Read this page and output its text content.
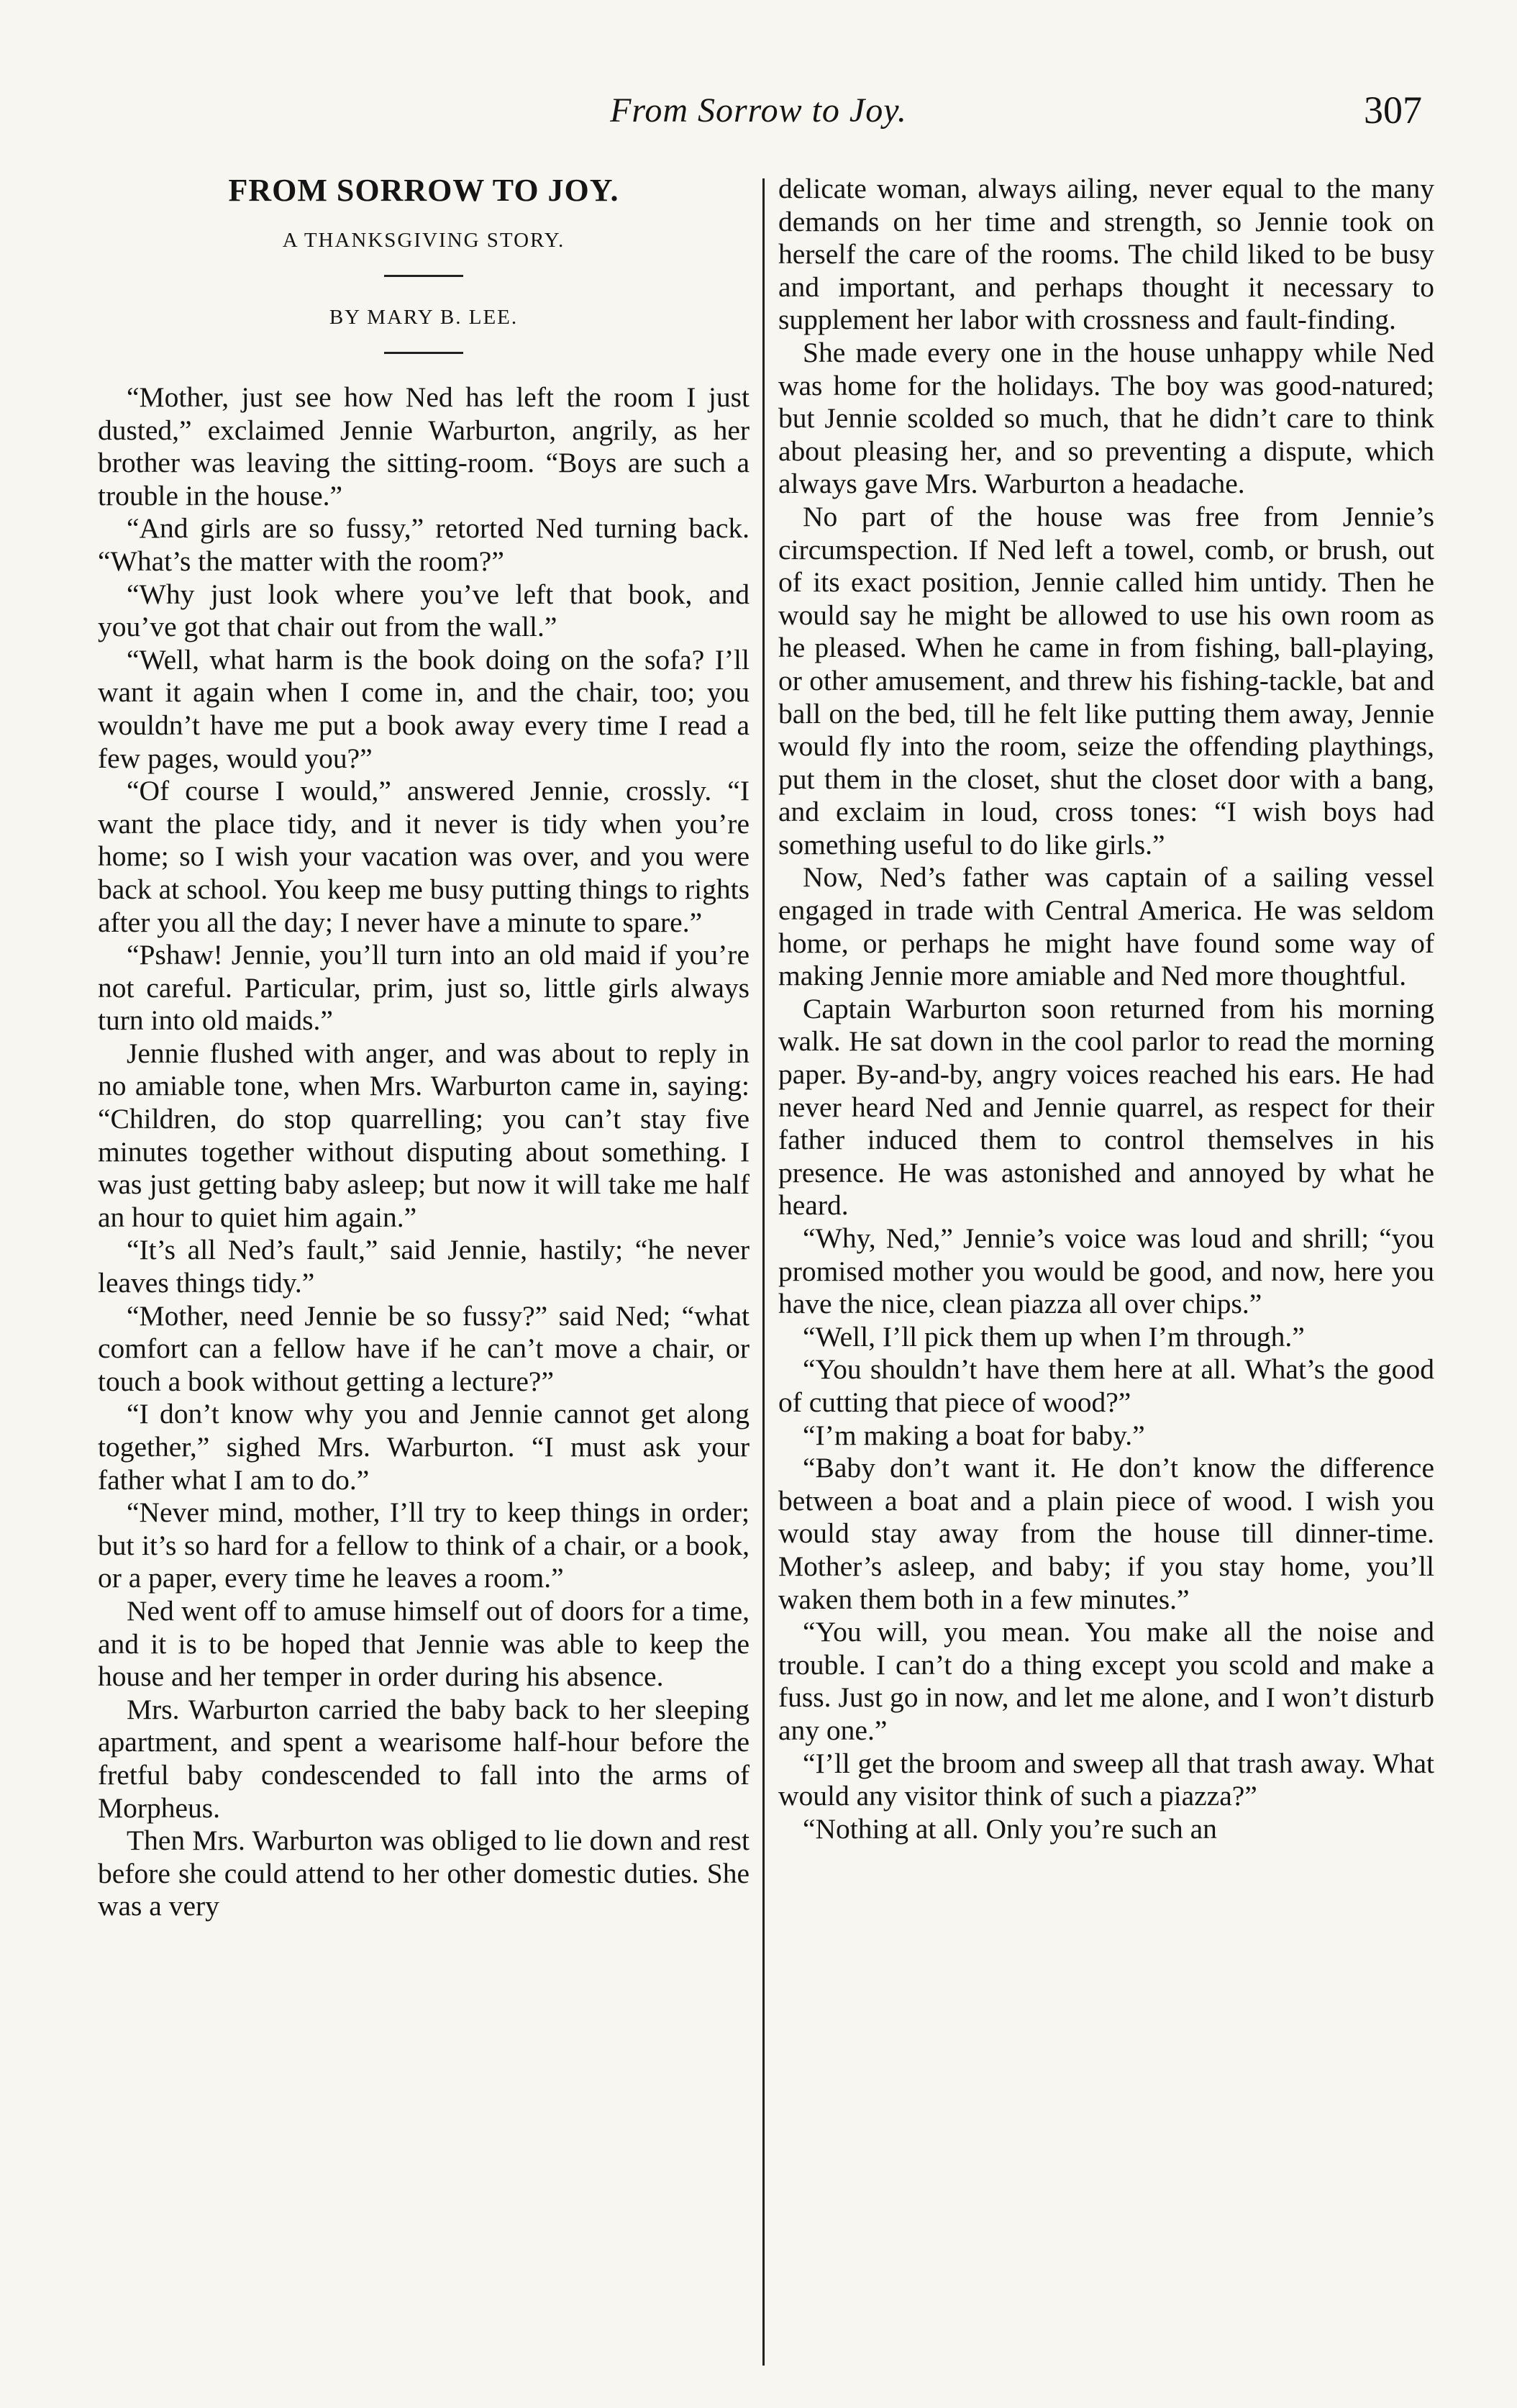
From Sorrow to Joy.	307
FROM SORROW TO JOY.

A THANKSGIVING STORY.

BY MARY B. LEE.

“Mother, just see how Ned has left the room I just dusted,” exclaimed Jennie Warburton, angrily, as her brother was leaving the sitting-room. “Boys are such a trouble in the house.”

“And girls are so fussy,” retorted Ned turning back. “What’s the matter with the room?”

“Why just look where you’ve left that book, and you’ve got that chair out from the wall.”

“Well, what harm is the book doing on the sofa? I’ll want it again when I come in, and the chair, too; you wouldn’t have me put a book away every time I read a few pages, would you?”

“Of course I would,” answered Jennie, crossly. “I want the place tidy, and it never is tidy when you’re home; so I wish your vacation was over, and you were back at school. You keep me busy putting things to rights after you all the day; I never have a minute to spare.”

“Pshaw! Jennie, you’ll turn into an old maid if you’re not careful. Particular, prim, just so, little girls always turn into old maids.”

Jennie flushed with anger, and was about to reply in no amiable tone, when Mrs. Warburton came in, saying: “Children, do stop quarrelling; you can’t stay five minutes together without disputing about something. I was just getting baby asleep; but now it will take me half an hour to quiet him again.”

“It’s all Ned’s fault,” said Jennie, hastily; “he never leaves things tidy.”

“Mother, need Jennie be so fussy?” said Ned; “what comfort can a fellow have if he can’t move a chair, or touch a book without getting a lecture?”

“I don’t know why you and Jennie cannot get along together,” sighed Mrs. Warburton. “I must ask your father what I am to do.”

“Never mind, mother, I’ll try to keep things in order; but it’s so hard for a fellow to think of a chair, or a book, or a paper, every time he leaves a room.”

Ned went off to amuse himself out of doors for a time, and it is to be hoped that Jennie was able to keep the house and her temper in order during his absence.

Mrs. Warburton carried the baby back to her sleeping apartment, and spent a wearisome half-hour before the fretful baby condescended to fall into the arms of Morpheus.

Then Mrs. Warburton was obliged to lie down and rest before she could attend to her other domestic duties. She was a very

delicate woman, always ailing, never equal to the many demands on her time and strength, so Jennie took on herself the care of the rooms. The child liked to be busy and important, and perhaps thought it necessary to supplement her labor with crossness and fault-finding.

She made every one in the house unhappy while Ned was home for the holidays. The boy was good-natured; but Jennie scolded so much, that he didn’t care to think about pleasing her, and so preventing a dispute, which always gave Mrs. Warburton a headache.

No part of the house was free from Jennie’s circumspection. If Ned left a towel, comb, or brush, out of its exact position, Jennie called him untidy. Then he would say he might be allowed to use his own room as he pleased. When he came in from fishing, ball-playing, or other amusement, and threw his fishing-tackle, bat and ball on the bed, till he felt like putting them away, Jennie would fly into the room, seize the offending playthings, put them in the closet, shut the closet door with a bang, and exclaim in loud, cross tones: “I wish boys had something useful to do like girls.”

Now, Ned’s father was captain of a sailing vessel engaged in trade with Central America. He was seldom home, or perhaps he might have found some way of making Jennie more amiable and Ned more thoughtful.

Captain Warburton soon returned from his morning walk. He sat down in the cool parlor to read the morning paper. By-and-by, angry voices reached his ears. He had never heard Ned and Jennie quarrel, as respect for their father induced them to control themselves in his presence. He was astonished and annoyed by what he heard.

“Why, Ned,” Jennie’s voice was loud and shrill; “you promised mother you would be good, and now, here you have the nice, clean piazza all over chips.”

“Well, I’ll pick them up when I’m through.”

“You shouldn’t have them here at all. What’s the good of cutting that piece of wood?”

“I’m making a boat for baby.”

“Baby don’t want it. He don’t know the difference between a boat and a plain piece of wood. I wish you would stay away from the house till dinner-time. Mother’s asleep, and baby; if you stay home, you’ll waken them both in a few minutes.”

“You will, you mean. You make all the noise and trouble. I can’t do a thing except you scold and make a fuss. Just go in now, and let me alone, and I won’t disturb any one.”

“I’ll get the broom and sweep all that trash away. What would any visitor think of such a piazza?”

“Nothing at all. Only you’re such an
